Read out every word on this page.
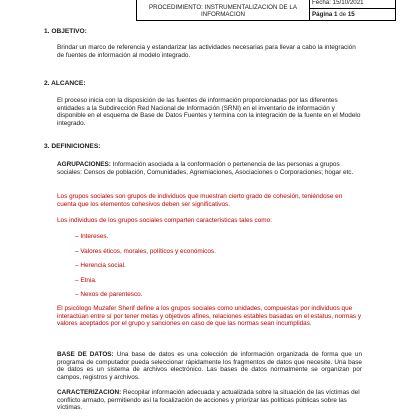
PROCEDIMIENTO: INSTRUMENTALIZACION DE LA
INFORMACION
Fecha: 15/10/2021
Página
1
de
15
1. OBJETIVO:
Brindar un marco de referencia y estandarizar las actividades necesarias para llevar a cabo la integración de fuentes de información al modelo integrado.
2. ALCANCE:
El proceso inicia con la disposición de las fuentes de información proporcionadas por las diferentes entidades a la Subdirección Red Nacional de Información (SRNI) en el inventario de información y disponible en el esquema de Base de Datos Fuentes y termina con la integración de la fuente en el Modelo integrado.
3. DEFINICIONES:
AGRUPACIONES: Información asociada a la conformación o pertenencia de las personas a grupos sociales: Censos de población, Comunidades, Agremiaciones, Asociaciones o Corporaciones; hogar etc.
Los grupos sociales son grupos de individuos que muestran cierto grado de cohesión, teniéndose en cuenta que los elementos cohesivos deben ser significativos.
Los individuos de los grupos sociales comparten características tales como:
– Intereses.
– Valores éticos, morales, políticos y económicos.
– Herencia social.
– Etnia.
– Nexos de parentesco.
El psicólogo Muzafer Sherif define a los grupos sociales como unidades, compuestas por individuos que interactúan entre sí por tener metas y objetivos afines, relaciones estables basadas en el estatus, normas y valores aceptados por el grupo y sanciones en caso de que las normas sean incumplidas.
BASE DE DATOS: Una base de datos es una colección de información organizada de forma que un programa de computador pueda seleccionar rápidamente los fragmentos de datos que necesite. Una base de datos es un sistema de archivos electrónico. Las bases de datos normalmente se organizan por campos, registros y archivos.
CARACTERIZACION: Recopilar información adecuada y actualizada sobre la situación de las víctimas del conflicto armado, permitiendo así la focalización de acciones y priorizar las políticas públicas sobre las víctimas.
